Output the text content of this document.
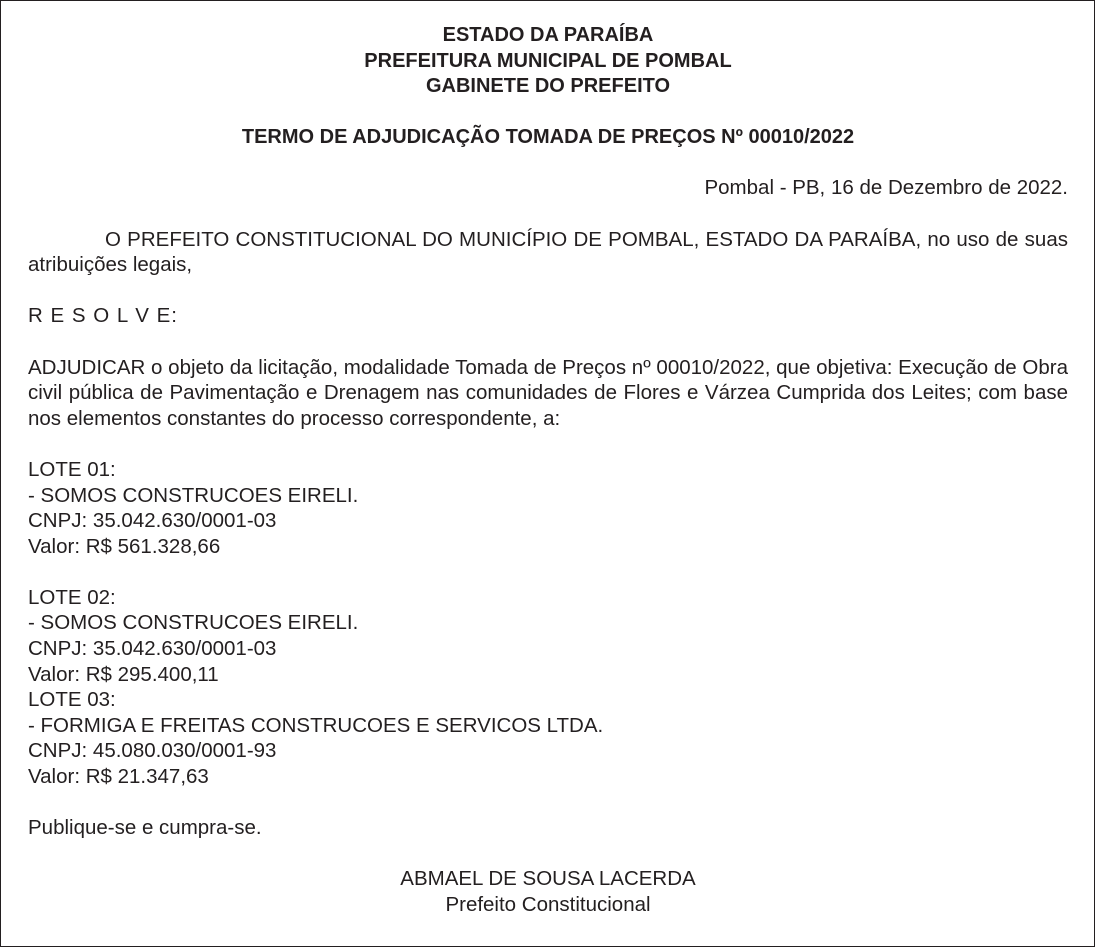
ESTADO DA PARAÍBA
PREFEITURA MUNICIPAL DE POMBAL
GABINETE DO PREFEITO
TERMO DE ADJUDICAÇÃO TOMADA DE PREÇOS Nº 00010/2022
Pombal - PB, 16 de Dezembro de 2022.
O PREFEITO CONSTITUCIONAL DO MUNICÍPIO DE POMBAL, ESTADO DA PARAÍBA, no uso de suas atribuições legais,
R E S O L V E:
ADJUDICAR o objeto da licitação, modalidade Tomada de Preços nº 00010/2022, que objetiva: Execução de Obra civil pública de Pavimentação e Drenagem nas comunidades de Flores e Várzea Cumprida dos Leites; com base nos elementos constantes do processo correspondente, a:
LOTE 01:
- SOMOS CONSTRUCOES EIRELI.
CNPJ: 35.042.630/0001-03
Valor: R$ 561.328,66
LOTE 02:
- SOMOS CONSTRUCOES EIRELI.
CNPJ: 35.042.630/0001-03
Valor: R$ 295.400,11
LOTE 03:
- FORMIGA E FREITAS CONSTRUCOES E SERVICOS LTDA.
CNPJ: 45.080.030/0001-93
Valor: R$ 21.347,63
Publique-se e cumpra-se.
ABMAEL DE SOUSA LACERDA
Prefeito Constitucional
